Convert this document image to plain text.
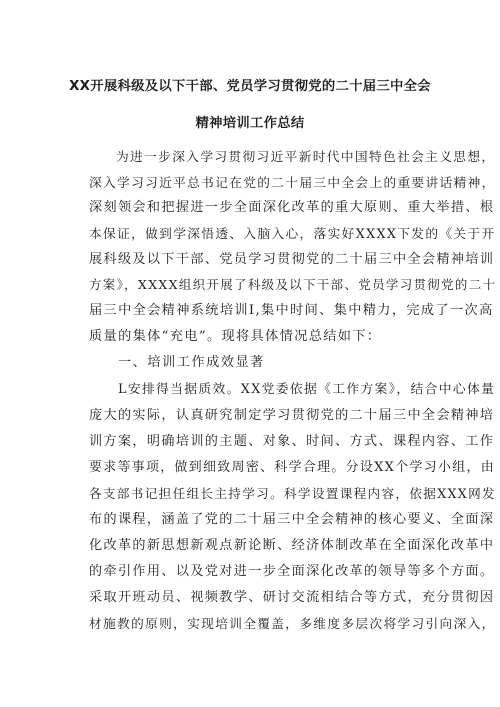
XX开展科级及以下干部、党员学习贯彻党的二十届三中全会
精神培训工作总结
为进一步深入学习贯彻习近平新时代中国特色社会主义思想，
深入学习习近平总书记在党的二十届三中全会上的重要讲话精神，
深刻领会和把握进一步全面深化改革的重大原则、重大举措、根
本保证，做到学深悟透、入脑入心，落实好XXXX下发的《关于开
展科级及以下干部、党员学习贯彻党的二十届三中全会精神培训
方案》，XXXX组织开展了科级及以下干部、党员学习贯彻党的二十
届三中全会精神系统培训I,集中时间、集中精力，完成了一次高
质量的集体“充电”。现将具体情况总结如下：
一、培训工作成效显著
L安排得当据质效。XX党委依据《工作方案》，结合中心体量
庞大的实际，认真研究制定学习贯彻党的二十届三中全会精神培
训方案，明确培训的主题、对象、时间、方式、课程内容、工作
要求等事项，做到细致周密、科学合理。分设XX个学习小组，由
各支部书记担任组长主持学习。科学设置课程内容，依据XXX网发
布的课程，涵盖了党的二十届三中全会精神的核心要义、全面深
化改革的新思想新观点新论断、经济体制改革在全面深化改革中
的牵引作用、以及党对进一步全面深化改革的领导等多个方面。
采取开班动员、视频教学、研讨交流相结合等方式，充分贯彻因
材施教的原则，实现培训全覆盖，多维度多层次将学习引向深入，
